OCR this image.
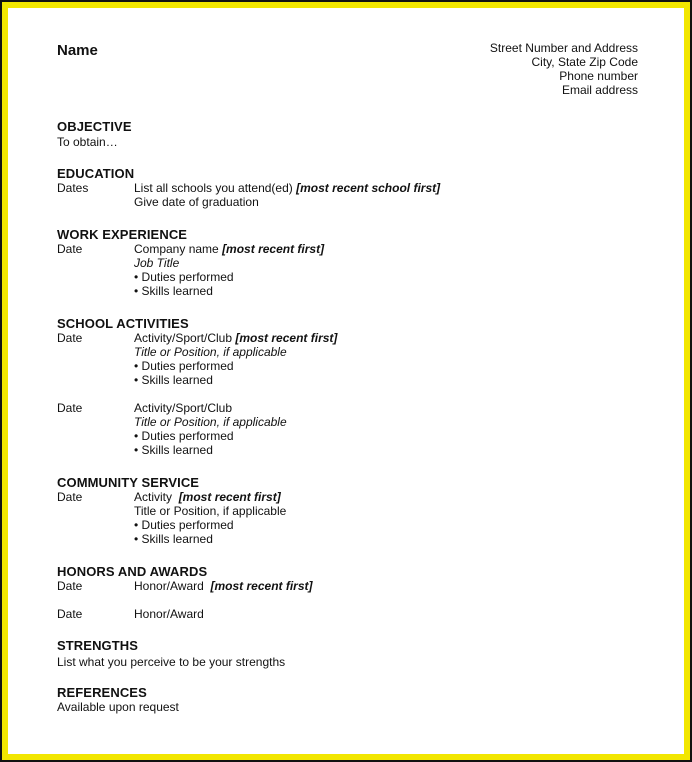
Name	Street Number and Address
City, State Zip Code
Phone number
Email address
OBJECTIVE
To obtain…
EDUCATION
Dates	List all schools you attend(ed) [most recent school first]
Give date of graduation
WORK EXPERIENCE
Date	Company name [most recent first]
Job Title
• Duties performed
• Skills learned
SCHOOL ACTIVITIES
Date	Activity/Sport/Club [most recent first]
Title or Position, if applicable
• Duties performed
• Skills learned
Date	Activity/Sport/Club
Title or Position, if applicable
• Duties performed
• Skills learned
COMMUNITY SERVICE
Date	Activity [most recent first]
Title or Position, if applicable
• Duties performed
• Skills learned
HONORS AND AWARDS
Date	Honor/Award [most recent first]
Date	Honor/Award
STRENGTHS
List what you perceive to be your strengths
REFERENCES
Available upon request
